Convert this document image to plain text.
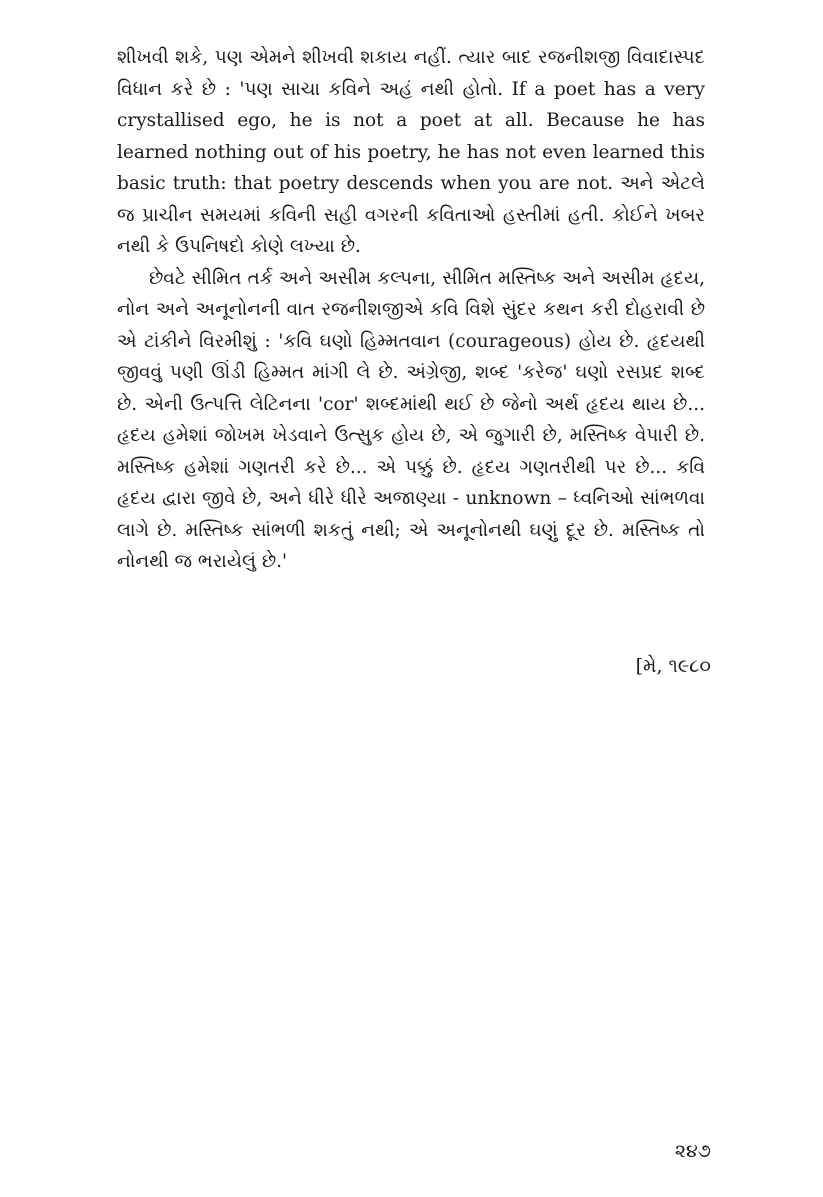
શીખવી શકે, પણ એમને શીખવી શકાય નહીં. ત્યાર બાદ રજનીશજી વિવાદાસ્પદ વિધાન કરે છે : 'પણ સાચા કવિને અહં નથી હોતો. If a poet has a very crystallised ego, he is not a poet at all. Because he has learned nothing out of his poetry, he has not even learned this basic truth: that poetry descends when you are not. અને એટલે જ પ્રાચીન સમયમાં કવિની સહી વગરની કવિતાઓ હસ્તીમાં હતી. કોઈને ખબર નથી કે ઉપનિષદો કોણે લખ્યા છે.

છેવટે સીમિત તર્ક અને અસીમ કલ્પના, સીમિત મસ્તિષ્ક અને અસીમ હૃદય, નોન અને અનૂનોનની વાત રજનીશજીએ કવિ વિશે સુંદર કથન કરી દોહરાવી છે એ ટાંકીને વિરમીશું : 'કવિ ઘણો હિમ્મતવાન (courageous) હોય છે. હૃદયથી જીવવું પણી ઊંડી હિમ્મત માંગી લે છે. અંગ્રેજી, શબ્દ 'કરેજ' ઘણો રસપ્રદ શબ્દ છે. એની ઉત્પત્તિ લેટિનના 'cor' શબ્દમાંથી થઈ છે જેનો અર્થ હૃદય થાય છે... હૃદય હમેશાં જોખમ ખેડવાને ઉત્સુક હોય છે, એ જુગારી છે, મસ્તિષ્ક વેપારી છે. મસ્તિષ્ક હમેશાં ગણતરી કરે છે... એ પક્કું છે. હૃદય ગણતરીથી પર છે... કવિ હૃદય દ્વારા જીવે છે, અને ધીરે ધીરે અજાણ્યા - unknown – ધ્વનિઓ સાંભળવા લાગે છે. મસ્તિષ્ક સાંભળી શકતું નથી; એ અનૂનોનથી ઘણું દૂર છે. મસ્તિષ્ક તો નોનથી જ ભરાયેલું છે.'

[મે, ૧૯૮૦
૨૪૭
